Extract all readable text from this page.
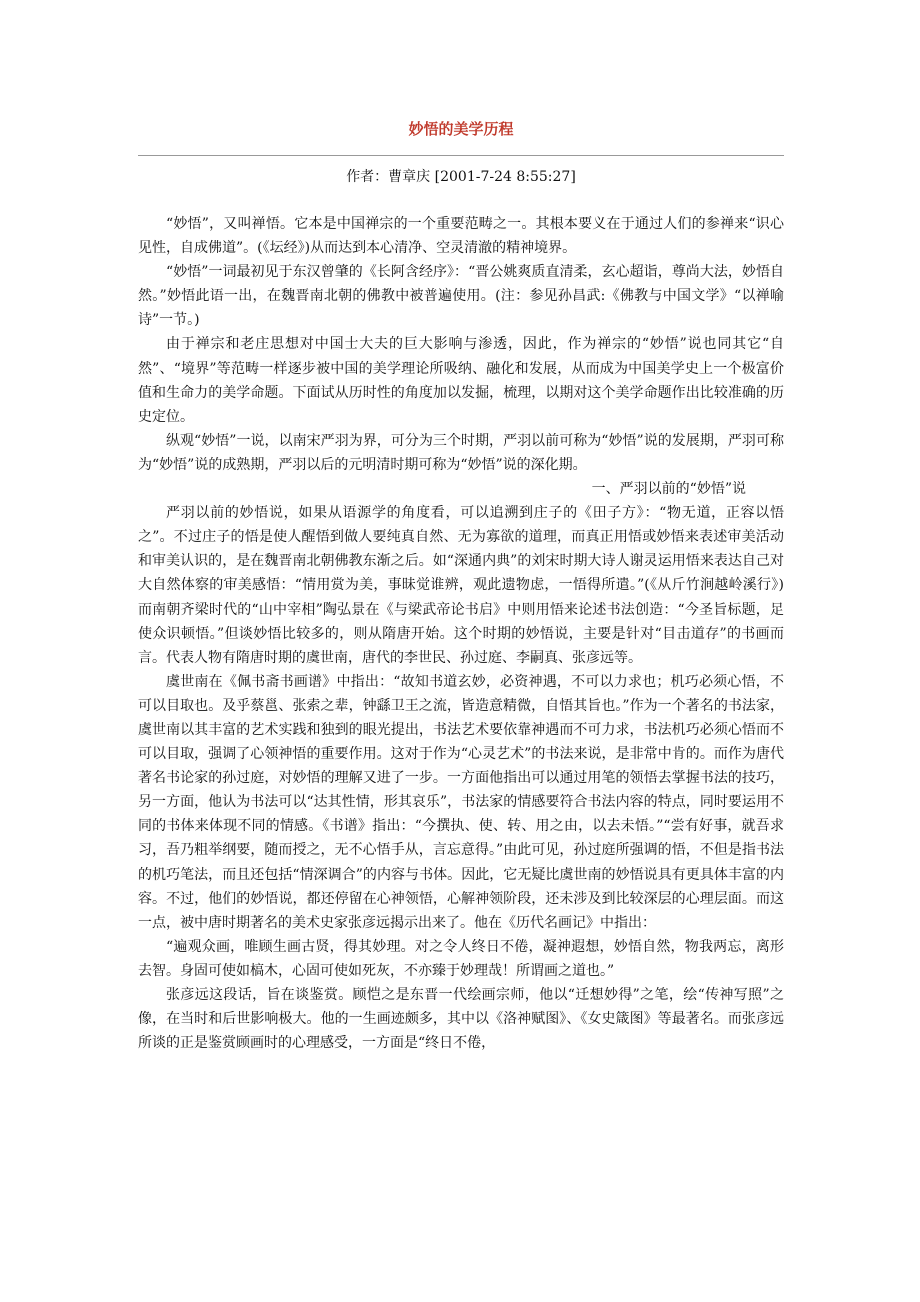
妙悟的美学历程
作者：曹章庆 [2001-7-24 8:55:27]

“妙悟”，又叫禅悟。它本是中国禅宗的一个重要范畴之一。其根本要义在于通过人们的参禅来“识心见性，自成佛道”。(《坛经》)从而达到本心清净、空灵清澈的精神境界。

“妙悟”一词最初见于东汉曾肇的《长阿含经序》：“晋公姚爽质直清柔，玄心超诣，尊尚大法，妙悟自然。”妙悟此语一出，在魏晋南北朝的佛教中被普遍使用。(注：参见孙昌武:《佛教与中国文学》“以禅喻诗”一节。)

由于禅宗和老庄思想对中国士大夫的巨大影响与渗透，因此，作为禅宗的“妙悟”说也同其它“自然”、“境界”等范畴一样逐步被中国的美学理论所吸纳、融化和发展，从而成为中国美学史上一个极富价值和生命力的美学命题。下面试从历时性的角度加以发掘，梳理，以期对这个美学命题作出比较准确的历史定位。

纵观“妙悟”一说，以南宋严羽为界，可分为三个时期，严羽以前可称为“妙悟”说的发展期，严羽可称为“妙悟”说的成熟期，严羽以后的元明清时期可称为“妙悟”说的深化期。

一、严羽以前的“妙悟”说

严羽以前的妙悟说，如果从语源学的角度看，可以追溯到庄子的《田子方》：“物无道，正容以悟之”。不过庄子的悟是使人醒悟到做人要纯真自然、无为寡欲的道理，而真正用悟或妙悟来表述审美活动和审美认识的，是在魏晋南北朝佛教东渐之后。如“深通内典”的刘宋时期大诗人谢灵运用悟来表达自己对大自然体察的审美感悟：“情用赏为美，事昧觉谁辨，观此遗物虑，一悟得所遣。”(《从斤竹涧越岭溪行》)而南朝齐梁时代的“山中宰相”陶弘景在《与梁武帝论书启》中则用悟来论述书法创造：“今圣旨标题，足使众识顿悟。”但谈妙悟比较多的，则从隋唐开始。这个时期的妙悟说，主要是针对“目击道存”的书画而言。代表人物有隋唐时期的虞世南，唐代的李世民、孙过庭、李嗣真、张彦远等。

虞世南在《佩书斋书画谱》中指出：“故知书道玄妙，必资神遇，不可以力求也；机巧必须心悟，不可以目取也。及乎蔡邕、张索之辈，钟繇卫王之流，皆造意精微，自悟其旨也。”作为一个著名的书法家，虞世南以其丰富的艺术实践和独到的眼光提出，书法艺术要依靠神遇而不可力求，书法机巧必须心悟而不可以目取，强调了心领神悟的重要作用。这对于作为“心灵艺术”的书法来说，是非常中肯的。而作为唐代著名书论家的孙过庭，对妙悟的理解又进了一步。一方面他指出可以通过用笔的领悟去掌握书法的技巧，另一方面，他认为书法可以“达其性情，形其哀乐”，书法家的情感要符合书法内容的特点，同时要运用不同的书体来体现不同的情感。《书谱》指出：“今撰执、使、转、用之由，以去未悟。”“尝有好事，就吾求习，吾乃粗举纲要，随而授之，无不心悟手从，言忘意得。”由此可见，孙过庭所强调的悟，不但是指书法的机巧笔法，而且还包括“情深调合”的内容与书体。因此，它无疑比虞世南的妙悟说具有更具体丰富的内容。不过，他们的妙悟说，都还停留在心神领悟，心解神领阶段，还未涉及到比较深层的心理层面。而这一点，被中唐时期著名的美术史家张彦远揭示出来了。他在《历代名画记》中指出：

“遍观众画，唯顾生画古贤，得其妙理。对之令人终日不倦，凝神遐想，妙悟自然，物我两忘，离形去智。身固可使如槁木，心固可使如死灰，不亦臻于妙理哉！所谓画之道也。”

张彦远这段话，旨在谈鉴赏。顾恺之是东晋一代绘画宗师，他以“迁想妙得”之笔，绘“传神写照”之像，在当时和后世影响极大。他的一生画迹颇多，其中以《洛神赋图》、《女史箴图》等最著名。而张彦远所谈的正是鉴赏顾画时的心理感受，一方面是“终日不倦，
